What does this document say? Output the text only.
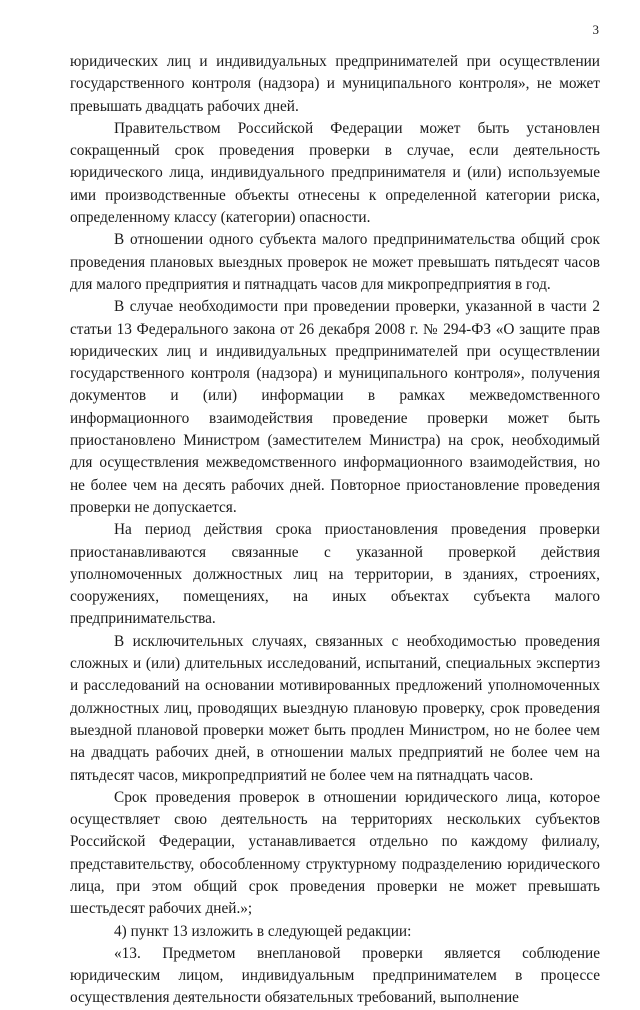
3

юридических лиц и индивидуальных предпринимателей при осуществлении государственного контроля (надзора) и муниципального контроля», не может превышать двадцать рабочих дней.

Правительством Российской Федерации может быть установлен сокращенный срок проведения проверки в случае, если деятельность юридического лица, индивидуального предпринимателя и (или) используемые ими производственные объекты отнесены к определенной категории риска, определенному классу (категории) опасности.

В отношении одного субъекта малого предпринимательства общий срок проведения плановых выездных проверок не может превышать пятьдесят часов для малого предприятия и пятнадцать часов для микропредприятия в год.

В случае необходимости при проведении проверки, указанной в части 2 статьи 13 Федерального закона от 26 декабря 2008 г. № 294-ФЗ «О защите прав юридических лиц и индивидуальных предпринимателей при осуществлении государственного контроля (надзора) и муниципального контроля», получения документов и (или) информации в рамках межведомственного информационного взаимодействия проведение проверки может быть приостановлено Министром (заместителем Министра) на срок, необходимый для осуществления межведомственного информационного взаимодействия, но не более чем на десять рабочих дней. Повторное приостановление проведения проверки не допускается.

На период действия срока приостановления проведения проверки приостанавливаются связанные с указанной проверкой действия уполномоченных должностных лиц на территории, в зданиях, строениях, сооружениях, помещениях, на иных объектах субъекта малого предпринимательства.

В исключительных случаях, связанных с необходимостью проведения сложных и (или) длительных исследований, испытаний, специальных экспертиз и расследований на основании мотивированных предложений уполномоченных должностных лиц, проводящих выездную плановую проверку, срок проведения выездной плановой проверки может быть продлен Министром, но не более чем на двадцать рабочих дней, в отношении малых предприятий не более чем на пятьдесят часов, микропредприятий не более чем на пятнадцать часов.

Срок проведения проверок в отношении юридического лица, которое осуществляет свою деятельность на территориях нескольких субъектов Российской Федерации, устанавливается отдельно по каждому филиалу, представительству, обособленному структурному подразделению юридического лица, при этом общий срок проведения проверки не может превышать шестьдесят рабочих дней.»;

4) пункт 13 изложить в следующей редакции:

«13. Предметом внеплановой проверки является соблюдение юридическим лицом, индивидуальным предпринимателем в процессе осуществления деятельности обязательных требований, выполнение
